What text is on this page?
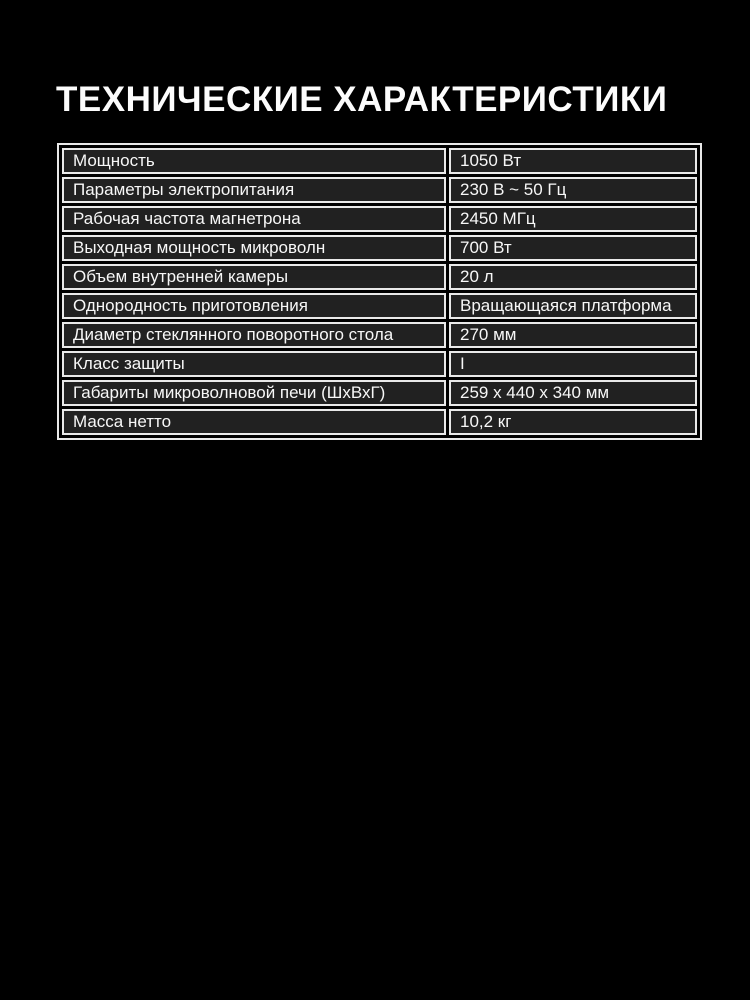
ТЕХНИЧЕСКИЕ ХАРАКТЕРИСТИКИ
Мощность	1050 Вт
Параметры электропитания	230 В ~ 50 Гц
Рабочая частота магнетрона	2450 МГц
Выходная мощность микроволн	700 Вт
Объем внутренней камеры	20 л
Однородность приготовления	Вращающаяся платформа
Диаметр стеклянного поворотного стола	270 мм
Класс защиты	I
Габариты микроволновой печи (ШхВхГ)	259 х 440 х 340 мм
Масса нетто	10,2 кг
